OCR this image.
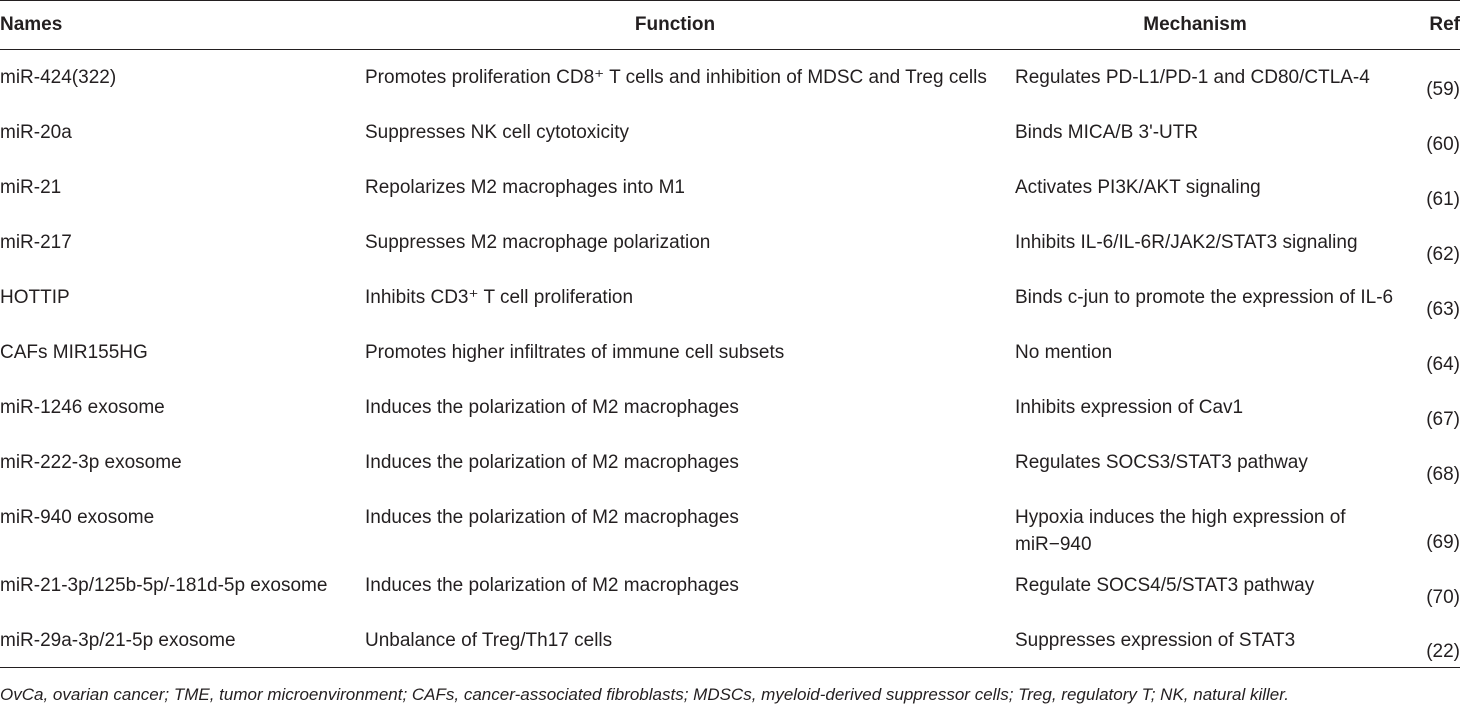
Names	Function	Mechanism	Ref
miR-424(322)	Promotes proliferation CD8⁺ T cells and inhibition of MDSC and Treg cells	Regulates PD-L1/PD-1 and CD80/CTLA-4	(59)
miR-20a	Suppresses NK cell cytotoxicity	Binds MICA/B 3'-UTR	(60)
miR-21	Repolarizes M2 macrophages into M1	Activates PI3K/AKT signaling	(61)
miR-217	Suppresses M2 macrophage polarization	Inhibits IL-6/IL-6R/JAK2/STAT3 signaling	(62)
HOTTIP	Inhibits CD3⁺ T cell proliferation	Binds c-jun to promote the expression of IL-6	(63)
CAFs MIR155HG	Promotes higher infiltrates of immune cell subsets	No mention	(64)
miR-1246 exosome	Induces the polarization of M2 macrophages	Inhibits expression of Cav1	(67)
miR-222-3p exosome	Induces the polarization of M2 macrophages	Regulates SOCS3/STAT3 pathway	(68)
miR-940 exosome	Induces the polarization of M2 macrophages	Hypoxia induces the high expression of miR−940	(69)
miR-21-3p/125b-5p/-181d-5p exosome	Induces the polarization of M2 macrophages	Regulate SOCS4/5/STAT3 pathway	(70)
miR-29a-3p/21-5p exosome	Unbalance of Treg/Th17 cells	Suppresses expression of STAT3	(22)
OvCa, ovarian cancer; TME, tumor microenvironment; CAFs, cancer-associated fibroblasts; MDSCs, myeloid-derived suppressor cells; Treg, regulatory T; NK, natural killer.
